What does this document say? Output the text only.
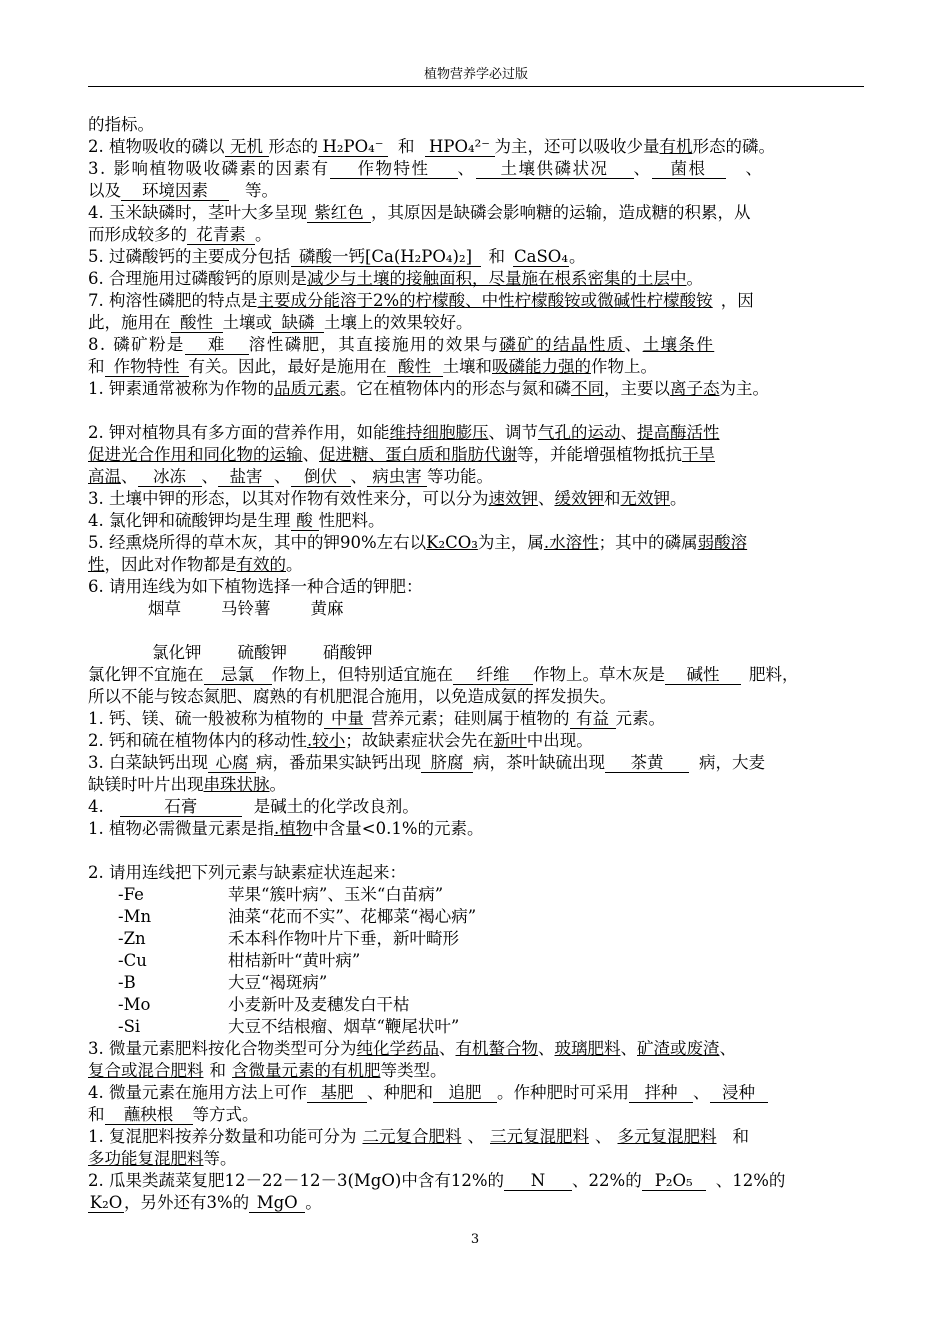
植物营养学必过版
的指标。
2. 植物吸收的磷以 无机 形态的 H₂PO₄⁻ 和 HPO₄²⁻ 为主，还可以吸收少量有机形态的磷。
3. 影响植物吸收磷素的因素有 作物特性 、 土壤供磷状况 、 菌根 、
以及 环境因素 等。
4. 玉米缺磷时，茎叶大多呈现 紫红色 ，其原因是缺磷会影响糖的运输，造成糖的积累，从
而形成较多的 花青素 。
5. 过磷酸钙的主要成分包括 磷酸一钙[Ca(H₂PO₄)₂] 和 CaSO₄。
6. 合理施用过磷酸钙的原则是减少与土壤的接触面积，尽量施在根系密集的土层中。
7. 枸溶性磷肥的特点是主要成分能溶于2%的柠檬酸、中性柠檬酸铵或微碱性柠檬酸铵 ，因
此，施用在 酸性 土壤或 缺磷 土壤上的效果较好。
8. 磷矿粉是 难 溶性磷肥，其直接施用的效果与磷矿的结晶性质、土壤条件
和 作物特性 有关。因此，最好是施用在 酸性 土壤和吸磷能力强的作物上。
1. 钾素通常被称为作物的品质元素。它在植物体内的形态与氮和磷不同，主要以离子态为主。
2. 钾对植物具有多方面的营养作用，如能维持细胞膨压、调节气孔的运动、提高酶活性
促进光合作用和同化物的运输、促进糖、蛋白质和脂肪代谢等，并能增强植物抵抗干旱
高温、 冰冻 、 盐害 、 倒伏 、 病虫害 等功能。
3. 土壤中钾的形态，以其对作物有效性来分，可以分为速效钾、缓效钾和无效钾。
4. 氯化钾和硫酸钾均是生理 酸 性肥料。
5. 经熏烧所得的草木灰，其中的钾90%左右以K₂CO₃为主，属.水溶性；其中的磷属弱酸溶
性，因此对作物都是有效的。
6. 请用连线为如下植物选择一种合适的钾肥：
烟草 马铃薯 黄麻
氯化钾 硫酸钾 硝酸钾
氯化钾不宜施在 忌氯 作物上，但特别适宜施在 纤维 作物上。草木灰是 碱性 肥料，
所以不能与铵态氮肥、腐熟的有机肥混合施用，以免造成氨的挥发损失。
1. 钙、镁、硫一般被称为植物的 中量 营养元素；硅则属于植物的 有益 元素。
2. 钙和硫在植物体内的移动性.较小；故缺素症状会先在新叶中出现。
3. 白菜缺钙出现 心腐 病，番茄果实缺钙出现 脐腐 病，茶叶缺硫出现 茶黄 病，大麦
缺镁时叶片出现串珠状脉。
4.	石膏	是碱土的化学改良剂。
1. 植物必需微量元素是指.植物中含量<0.1%的元素。
2. 请用连线把下列元素与缺素症状连起来：
-Fe	苹果“簇叶病”、玉米“白苗病”
-Mn	油菜“花而不实”、花椰菜“褐心病”
-Zn	禾本科作物叶片下垂，新叶畸形
-Cu	柑桔新叶“黄叶病”
-B	大豆“褐斑病”
-Mo	小麦新叶及麦穗发白干枯
-Si	大豆不结根瘤、烟草“鞭尾状叶”
3. 微量元素肥料按化合物类型可分为纯化学药品、有机螯合物、玻璃肥料、矿渣或废渣、
复合或混合肥料 和 含微量元素的有机肥等类型。
4. 微量元素在施用方法上可作 基肥 、种肥和 追肥 。作种肥时可采用 拌种 、 浸种
和 蘸秧根 等方式。
1. 复混肥料按养分数量和功能可分为 二元复合肥料 、 三元复混肥料 、 多元复混肥料 和
多功能复混肥料等。
2. 瓜果类蔬菜复肥12－22－12－3(MgO)中含有12%的 N 、22%的 P₂O₅ 、12%的
K₂O ，另外还有3%的 MgO 。
3
